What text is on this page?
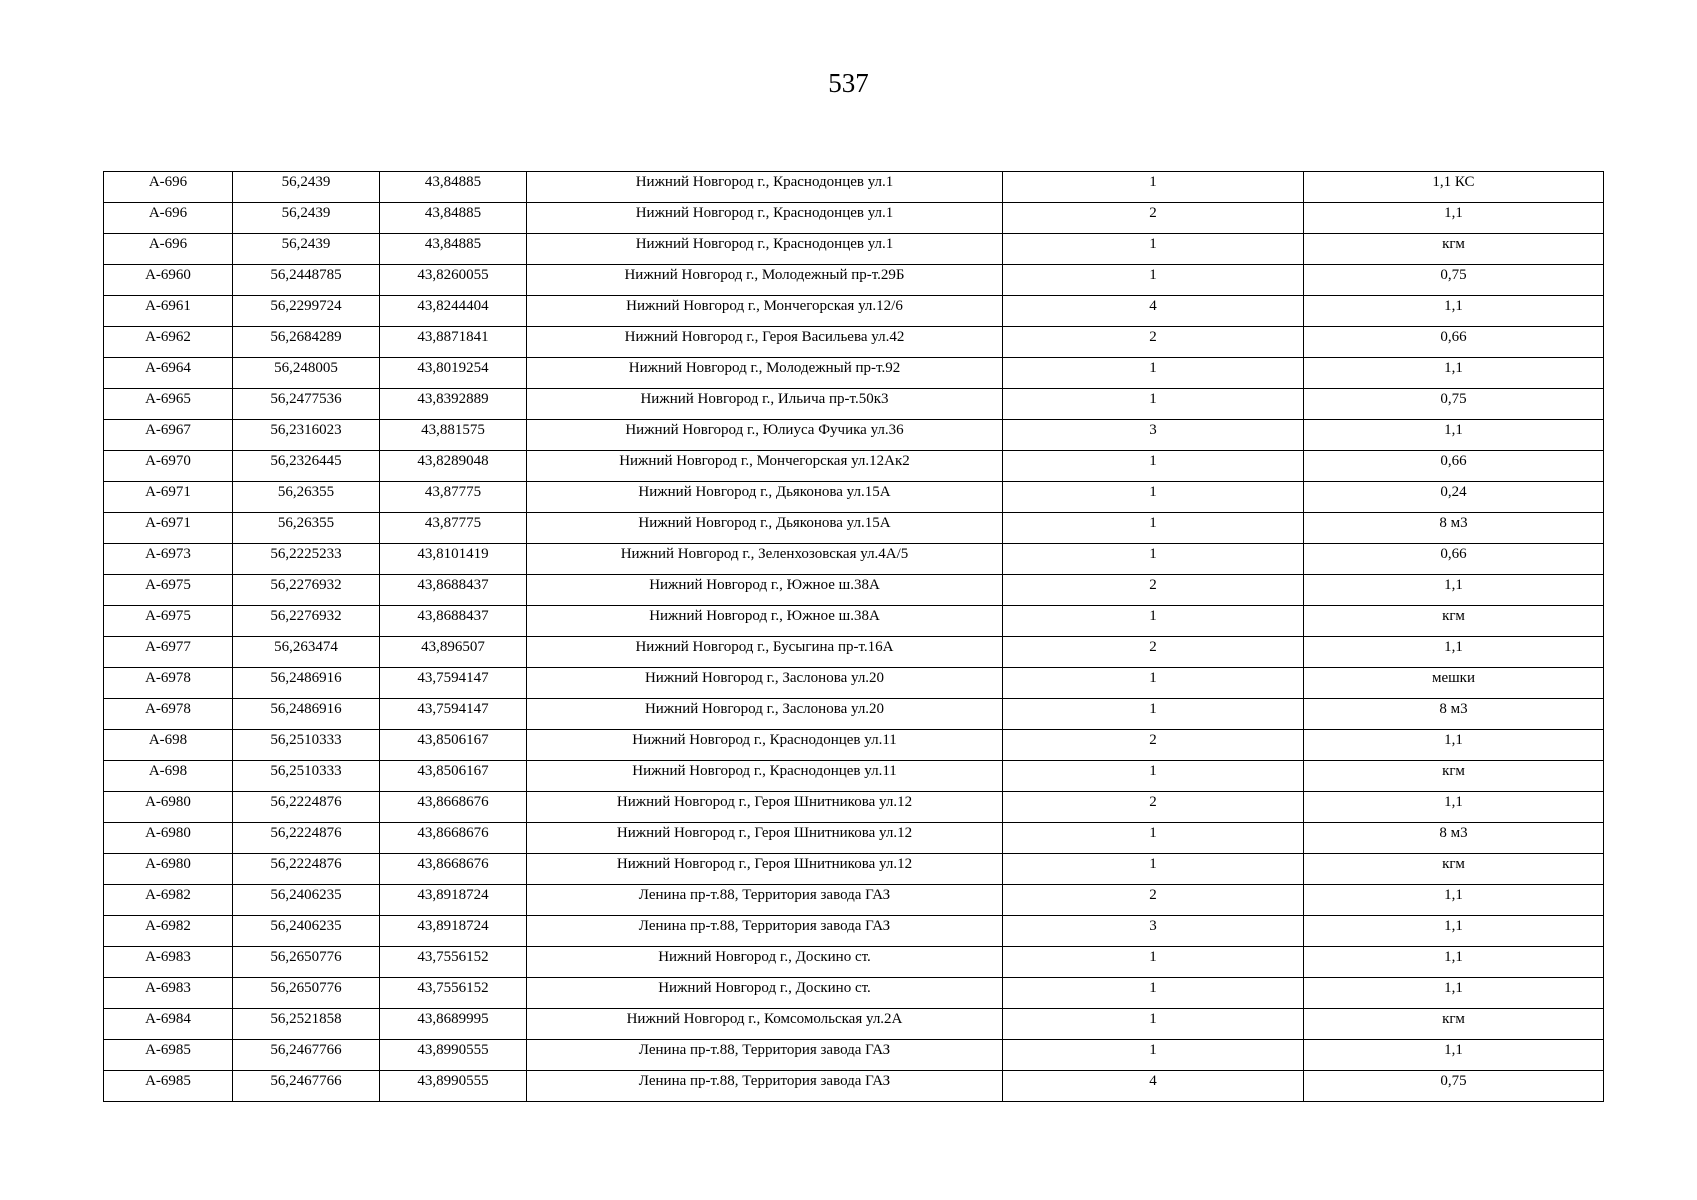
537
А-696	56,2439	43,84885	Нижний Новгород г., Краснодонцев ул.1	1	1,1 КС
А-696	56,2439	43,84885	Нижний Новгород г., Краснодонцев ул.1	2	1,1
А-696	56,2439	43,84885	Нижний Новгород г., Краснодонцев ул.1	1	кгм
А-6960	56,2448785	43,8260055	Нижний Новгород г., Молодежный пр-т.29Б	1	0,75
А-6961	56,2299724	43,8244404	Нижний Новгород г., Мончегорская ул.12/6	4	1,1
А-6962	56,2684289	43,8871841	Нижний Новгород г., Героя Васильева ул.42	2	0,66
А-6964	56,248005	43,8019254	Нижний Новгород г., Молодежный пр-т.92	1	1,1
А-6965	56,2477536	43,8392889	Нижний Новгород г., Ильича пр-т.50к3	1	0,75
А-6967	56,2316023	43,881575	Нижний Новгород г., Юлиуса Фучика ул.36	3	1,1
А-6970	56,2326445	43,8289048	Нижний Новгород г., Мончегорская ул.12Ак2	1	0,66
А-6971	56,26355	43,87775	Нижний Новгород г., Дьяконова ул.15А	1	0,24
А-6971	56,26355	43,87775	Нижний Новгород г., Дьяконова ул.15А	1	8 м3
А-6973	56,2225233	43,8101419	Нижний Новгород г., Зеленхозовская ул.4А/5	1	0,66
А-6975	56,2276932	43,8688437	Нижний Новгород г., Южное ш.38А	2	1,1
А-6975	56,2276932	43,8688437	Нижний Новгород г., Южное ш.38А	1	кгм
А-6977	56,263474	43,896507	Нижний Новгород г., Бусыгина пр-т.16А	2	1,1
А-6978	56,2486916	43,7594147	Нижний Новгород г., Заслонова ул.20	1	мешки
А-6978	56,2486916	43,7594147	Нижний Новгород г., Заслонова ул.20	1	8 м3
А-698	56,2510333	43,8506167	Нижний Новгород г., Краснодонцев ул.11	2	1,1
А-698	56,2510333	43,8506167	Нижний Новгород г., Краснодонцев ул.11	1	кгм
А-6980	56,2224876	43,8668676	Нижний Новгород г., Героя Шнитникова ул.12	2	1,1
А-6980	56,2224876	43,8668676	Нижний Новгород г., Героя Шнитникова ул.12	1	8 м3
А-6980	56,2224876	43,8668676	Нижний Новгород г., Героя Шнитникова ул.12	1	кгм
А-6982	56,2406235	43,8918724	Ленина пр-т.88, Территория завода ГАЗ	2	1,1
А-6982	56,2406235	43,8918724	Ленина пр-т.88, Территория завода ГАЗ	3	1,1
А-6983	56,2650776	43,7556152	Нижний Новгород г., Доскино ст.	1	1,1
А-6983	56,2650776	43,7556152	Нижний Новгород г., Доскино ст.	1	1,1
А-6984	56,2521858	43,8689995	Нижний Новгород г., Комсомольская ул.2А	1	кгм
А-6985	56,2467766	43,8990555	Ленина пр-т.88, Территория завода ГАЗ	1	1,1
А-6985	56,2467766	43,8990555	Ленина пр-т.88, Территория завода ГАЗ	4	0,75
